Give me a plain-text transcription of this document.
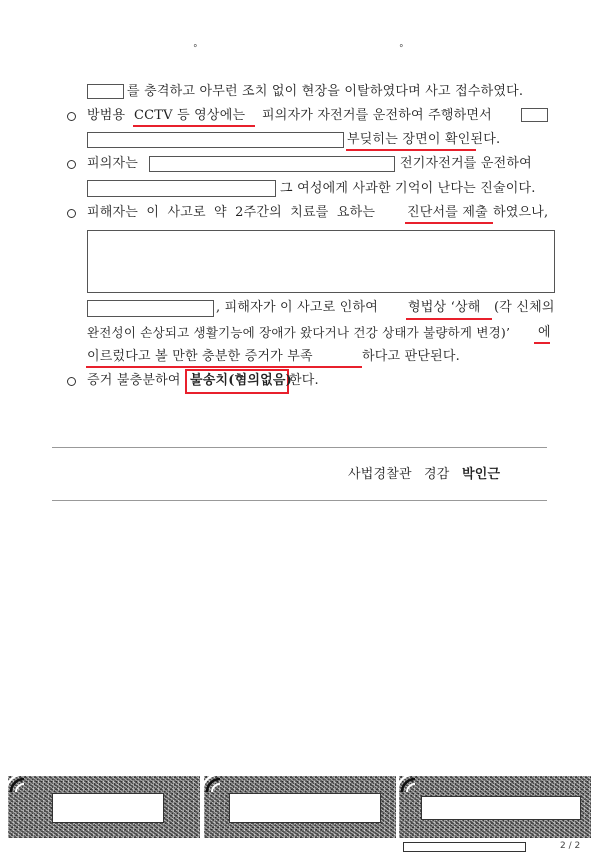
°	°
를 충격하고 아무런 조치 없이 현장을 이탈하였다며 사고 접수하였다.
방범용 CCTV 등 영상에는 피의자가 자전거를 운전하여 주행하면서
부딪히는 장면이 확인된다.
피의자는	전기자전거를 운전하여
그 여성에게 사과한 기억이 난다는 진술이다.
피해자는 이 사고로 약 2주간의 치료를 요하는 진단서를 제출 하였으나,
, 피해자가 이 사고로 인하여 형법상 ‘상해 (각 신체의
완전성이 손상되고 생활기능에 장애가 왔다거나 건강 상태가 불량하게 변경)’ 에
이르렀다고 볼 만한 충분한 증거가 부족	하다고 판단된다.
증거 불충분하여 불송치(혐의없음)
한다.
사법경찰관 경감 박인근
2 / 2
